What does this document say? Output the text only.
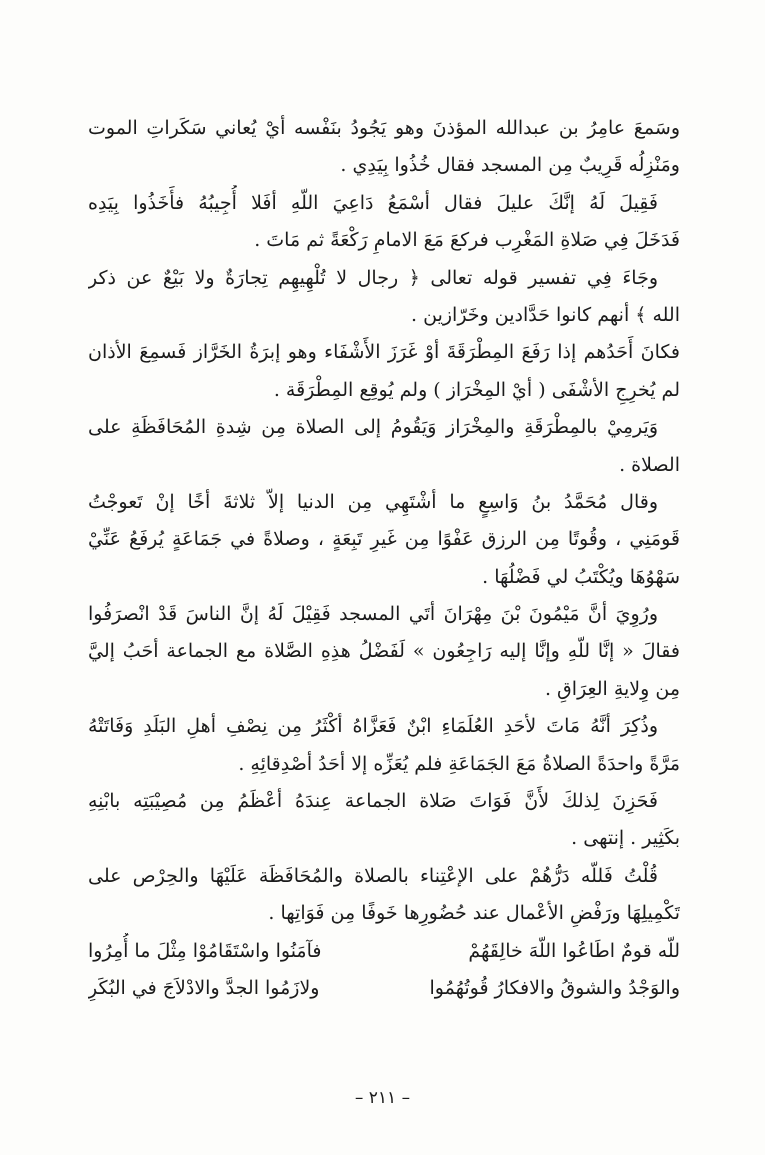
وسَمعَ عامِرُ بن عبدالله المؤذنَ وهو يَجُودُ بنَفْسه أيْ يُعاني سَكَراتِ الموت
ومَنْزِلُه قَرِيبٌ مِن المسجد فقال خُذُوا بِيَدِي .
فَقِيلَ لَهُ إنَّكَ عليلَ فقال أسْمَعُ دَاعِيَ اللّهِ أفَلا أُجِيبُهُ فأَخَذُوا بِيَدِه
فَدَخَلَ فِي صَلاةِ المَغْرِب فركعَ مَعَ الامامِ رَكْعَةً ثم مَاتَ .
وجَاءَ فِي تفسير قوله تعالى ﴿ رجال لا تُلْهِيهِم تِجارَةٌ ولا بَيْعٌ عن ذكر
الله ﴾ أنهم كانوا حَدَّادين وخَرّازين .
فكانَ أَحَدُهم إذا رَفَعَ المِطْرَقَةَ أوْ غَرَزَ الأَشْفَاء وهو إبرَةُ الخَرَّاز فَسمِعَ الأذان
لم يُخرِجِ الأشْفَى ( أيْ المِخْرَاز ) ولم يُوقِع المِطْرَقَة .
وَيَرمِيْ بالمِطْرَقَةِ والمِخْرَاز وَيَقُومُ إلى الصلاة مِن شِدةِ المُحَافَظَةِ على
الصلاة .
وقال مُحَمَّدُ بنُ وَاسِعٍ ما أشْتَهِي مِن الدنيا إلاّ ثلاثةَ أخًا إنْ تَعوجْتُ
قَومَنِي ، وقُوتًا مِن الرزق عَفْوًا مِن غَيرِ تَبِعَةٍ ، وصلاةً في جَمَاعَةٍ يُرفَعُ عَنِّيْ
سَهْوُهَا ويُكْتَبُ لي فَضْلُهَا .
ورُوِيَ أنَّ مَيْمُونَ بْنَ مِهْرَانَ أتَي المسجد فَقِيْلَ لَهُ إنَّ الناسَ قَدْ انْصرَفُوا
فقالَ « إنَّا للّهِ وإنَّا إليه رَاجِعُون » لَفَضْلُ هذِهِ الصَّلاة مع الجماعة أحَبُ إليَّ
مِن وِلايةِ العِرَاقِ .
وذُكِرَ أنَّهُ مَاتَ لأحَدِ العُلَمَاءِ ابْنٌ فَعَزَّاهُ أكْثَرُ مِن نِصْفِ أهلِ البَلَدِ وَفَاتَتْهُ
مَرَّةً واحدَةً الصلاةُ مَعَ الجَمَاعَةِ فلم يُعَزِّه إلا أحَدُ أصْدِقائِهِ .
فَحَزِنَ لِذلكَ لأَنَّ فَوَاتَ صَلاة الجماعة عِندَهُ أعْظَمُ مِن مُصِيْبَتِه بابْنِهِ
بكَثِير . إنتهى .
قُلْتُ فَللّه دَرُّهُمْ على الإعْتِناء بالصلاة والمُحَافَظَة عَلَيْهَا والحِرْص على
تَكْمِيلِهَا ورَفْضِ الأعْمال عند حُضُورِها خَوفًا مِن فَوَاتِها .
للّه قومٌ اطَاعُوا اللّهَ خالِقَهُمْ
فآمَنُوا واسْتَقَامُوْا مِثْلَ ما أُمِرُوا
والوَجْدُ والشوقُ والافكارُ قُوتُهُمُوا
ولازَمُوا الجدَّ والادْلاَجَ في البُكَرِ
– ٢١١ –
